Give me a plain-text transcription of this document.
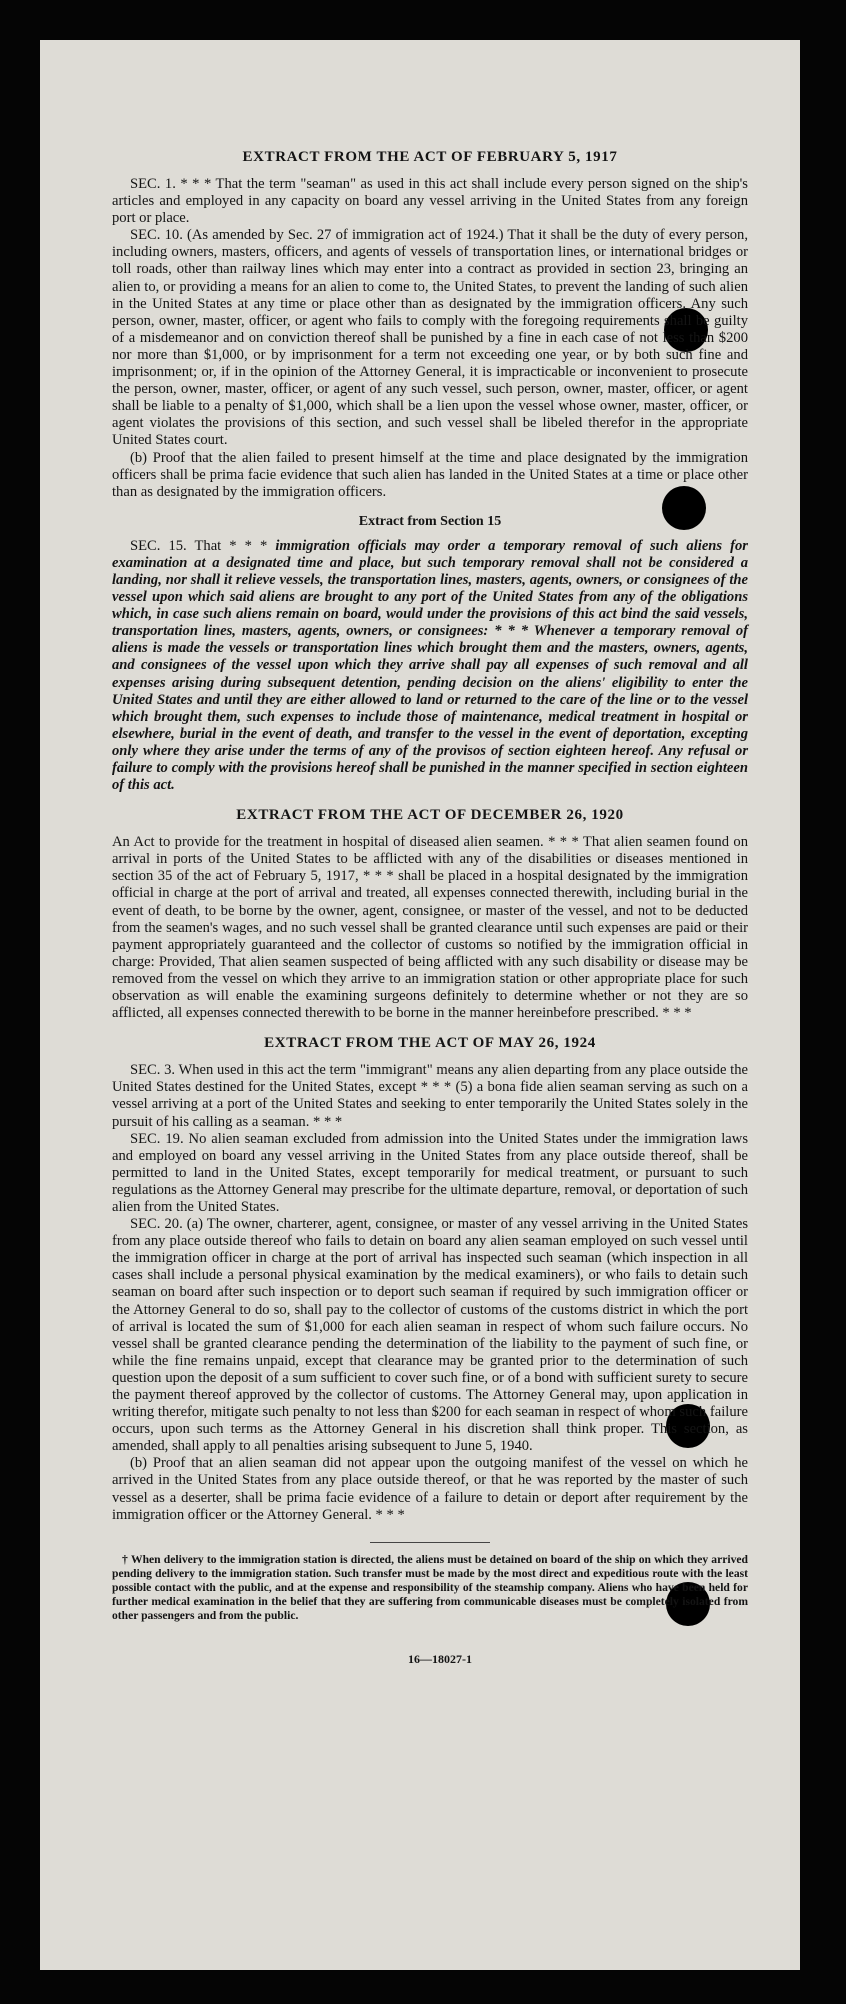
EXTRACT FROM THE ACT OF FEBRUARY 5, 1917

SEC. 1. * * * That the term "seaman" as used in this act shall include every person signed on the ship's articles and employed in any capacity on board any vessel arriving in the United States from any foreign port or place.

SEC. 10. (As amended by Sec. 27 of immigration act of 1924.) That it shall be the duty of every person, including owners, masters, officers, and agents of vessels of transportation lines, or international bridges or toll roads, other than railway lines which may enter into a contract as provided in section 23, bringing an alien to, or providing a means for an alien to come to, the United States, to prevent the landing of such alien in the United States at any time or place other than as designated by the immigration officers. Any such person, owner, master, officer, or agent who fails to comply with the foregoing requirements shall be guilty of a misdemeanor and on conviction thereof shall be punished by a fine in each case of not less than $200 nor more than $1,000, or by imprisonment for a term not exceeding one year, or by both such fine and imprisonment; or, if in the opinion of the Attorney General, it is impracticable or inconvenient to prosecute the person, owner, master, officer, or agent of any such vessel, such person, owner, master, officer, or agent shall be liable to a penalty of $1,000, which shall be a lien upon the vessel whose owner, master, officer, or agent violates the provisions of this section, and such vessel shall be libeled therefor in the appropriate United States court.

(b) Proof that the alien failed to present himself at the time and place designated by the immigration officers shall be prima facie evidence that such alien has landed in the United States at a time or place other than as designated by the immigration officers.

Extract from Section 15

SEC. 15. That * * * immigration officials may order a temporary removal of such aliens for examination at a designated time and place, but such temporary removal shall not be considered a landing, nor shall it relieve vessels, the transportation lines, masters, agents, owners, or consignees of the vessel upon which said aliens are brought to any port of the United States from any of the obligations which, in case such aliens remain on board, would under the provisions of this act bind the said vessels, transportation lines, masters, agents, owners, or consignees: * * * Whenever a temporary removal of aliens is made the vessels or transportation lines which brought them and the masters, owners, agents, and consignees of the vessel upon which they arrive shall pay all expenses of such removal and all expenses arising during subsequent detention, pending decision on the aliens' eligibility to enter the United States and until they are either allowed to land or returned to the care of the line or to the vessel which brought them, such expenses to include those of maintenance, medical treatment in hospital or elsewhere, burial in the event of death, and transfer to the vessel in the event of deportation, excepting only where they arise under the terms of any of the provisos of section eighteen hereof. Any refusal or failure to comply with the provisions hereof shall be punished in the manner specified in section eighteen of this act.

EXTRACT FROM THE ACT OF DECEMBER 26, 1920

An Act to provide for the treatment in hospital of diseased alien seamen. * * * That alien seamen found on arrival in ports of the United States to be afflicted with any of the disabilities or diseases mentioned in section 35 of the act of February 5, 1917, * * * shall be placed in a hospital designated by the immigration official in charge at the port of arrival and treated, all expenses connected therewith, including burial in the event of death, to be borne by the owner, agent, consignee, or master of the vessel, and not to be deducted from the seamen's wages, and no such vessel shall be granted clearance until such expenses are paid or their payment appropriately guaranteed and the collector of customs so notified by the immigration official in charge: Provided, That alien seamen suspected of being afflicted with any such disability or disease may be removed from the vessel on which they arrive to an immigration station or other appropriate place for such observation as will enable the examining surgeons definitely to determine whether or not they are so afflicted, all expenses connected therewith to be borne in the manner hereinbefore prescribed. * * *

EXTRACT FROM THE ACT OF MAY 26, 1924

SEC. 3. When used in this act the term "immigrant" means any alien departing from any place outside the United States destined for the United States, except * * * (5) a bona fide alien seaman serving as such on a vessel arriving at a port of the United States and seeking to enter temporarily the United States solely in the pursuit of his calling as a seaman. * * *

SEC. 19. No alien seaman excluded from admission into the United States under the immigration laws and employed on board any vessel arriving in the United States from any place outside thereof, shall be permitted to land in the United States, except temporarily for medical treatment, or pursuant to such regulations as the Attorney General may prescribe for the ultimate departure, removal, or deportation of such alien from the United States.

SEC. 20. (a) The owner, charterer, agent, consignee, or master of any vessel arriving in the United States from any place outside thereof who fails to detain on board any alien seaman employed on such vessel until the immigration officer in charge at the port of arrival has inspected such seaman (which inspection in all cases shall include a personal physical examination by the medical examiners), or who fails to detain such seaman on board after such inspection or to deport such seaman if required by such immigration officer or the Attorney General to do so, shall pay to the collector of customs of the customs district in which the port of arrival is located the sum of $1,000 for each alien seaman in respect of whom such failure occurs. No vessel shall be granted clearance pending the determination of the liability to the payment of such fine, or while the fine remains unpaid, except that clearance may be granted prior to the determination of such question upon the deposit of a sum sufficient to cover such fine, or of a bond with sufficient surety to secure the payment thereof approved by the collector of customs. The Attorney General may, upon application in writing therefor, mitigate such penalty to not less than $200 for each seaman in respect of whom such failure occurs, upon such terms as the Attorney General in his discretion shall think proper. This section, as amended, shall apply to all penalties arising subsequent to June 5, 1940.

(b) Proof that an alien seaman did not appear upon the outgoing manifest of the vessel on which he arrived in the United States from any place outside thereof, or that he was reported by the master of such vessel as a deserter, shall be prima facie evidence of a failure to detain or deport after requirement by the immigration officer or the Attorney General. * * *

† When delivery to the immigration station is directed, the aliens must be detained on board of the ship on which they arrived pending delivery to the immigration station. Such transfer must be made by the most direct and expeditious route with the least possible contact with the public, and at the expense and responsibility of the steamship company. Aliens who have been held for further medical examination in the belief that they are suffering from communicable diseases must be completely isolated from other passengers and from the public.

16—18027-1
